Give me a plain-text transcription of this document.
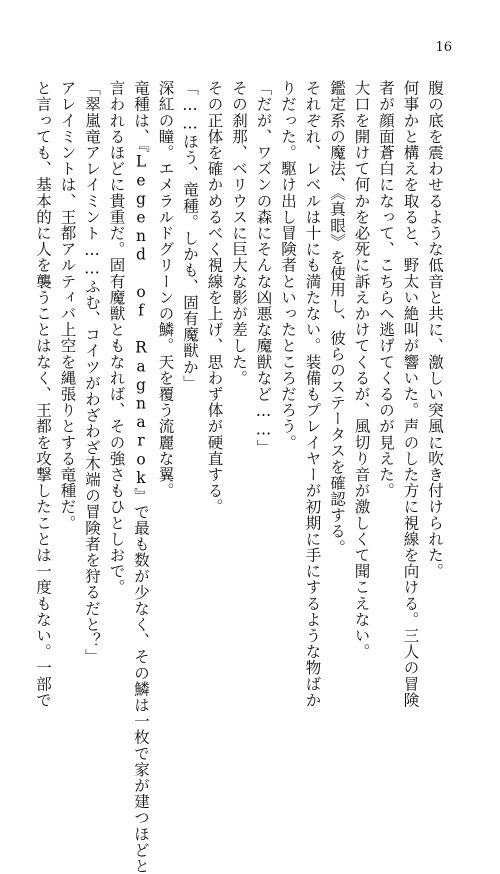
16
腹の底を震わせるような低音と共に、激しい突風に吹き付けられた。
何事かと構えを取ると、野太い絶叫が響いた。声のした方に視線を向ける。三人の冒険
者が顔面蒼白になって、こちらへ逃げてくるのが見えた。
大口を開けて何かを必死に訴えかけてくるが、風切り音が激しくて聞こえない。
鑑定系の魔法、《真眼》を使用し、彼らのステータスを確認する。
それぞれ、レベルは十にも満たない。装備もプレイヤーが初期に手にするような物ばか
りだった。駆け出し冒険者といったところだろう。
「だが、ワズンの森にそんな凶悪な魔獣など……」
その刹那、ベリウスに巨大な影が差した。
その正体を確かめるべく視線を上げ、思わず体が硬直する。
「……ほう、竜種。しかも、固有魔獣か」
深紅の瞳。エメラルドグリーンの鱗。天を覆う流麗な翼。
竜種は、『Legend of Ragnarok』で最も数が少なく、その鱗は一枚で家が建つほどと
言われるほどに貴重だ。固有魔獣ともなれば、その強さもひとしおで。
「翠嵐竜アレイミント……ふむ、コイツがわざわざ木端の冒険者を狩るだと？」
アレイミントは、王都アルティバ上空を縄張りとする竜種だ。
と言っても、基本的に人を襲うことはなく、王都を攻撃したことは一度もない。一部で
